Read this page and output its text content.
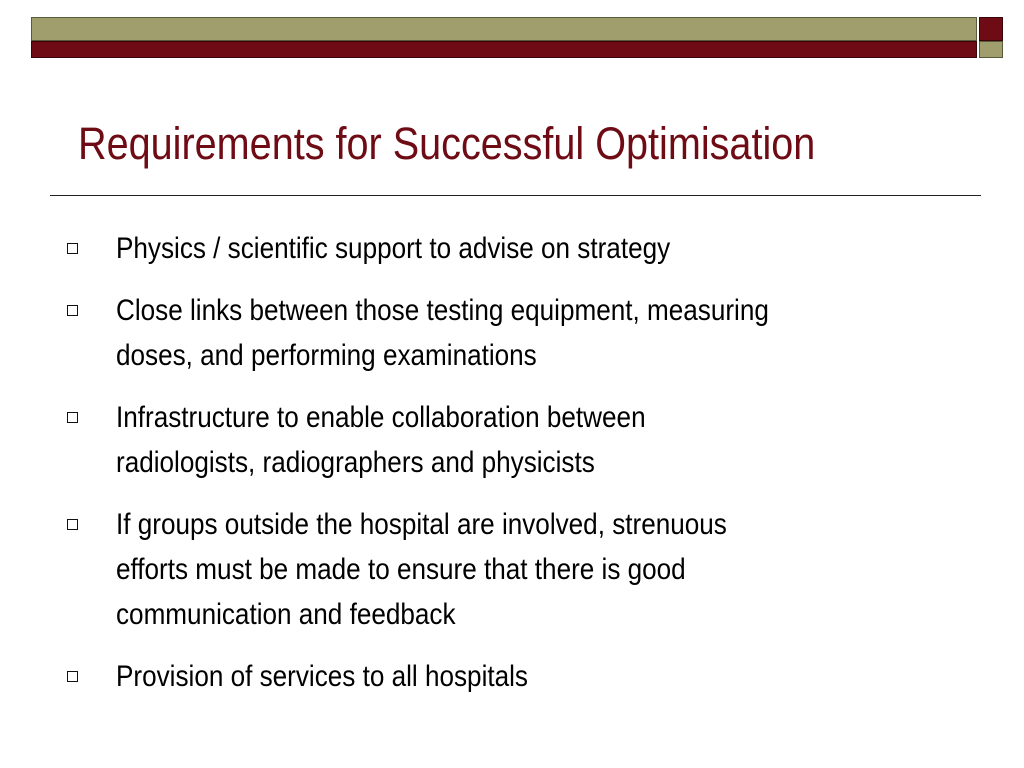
Requirements for Successful Optimisation
Physics / scientific support to advise on strategy
Close links between those testing equipment, measuring
doses, and performing examinations
Infrastructure to enable collaboration between
radiologists, radiographers and physicists
If groups outside the hospital are involved, strenuous
efforts must be made to ensure that there is good
communication and feedback
Provision of services to all hospitals
